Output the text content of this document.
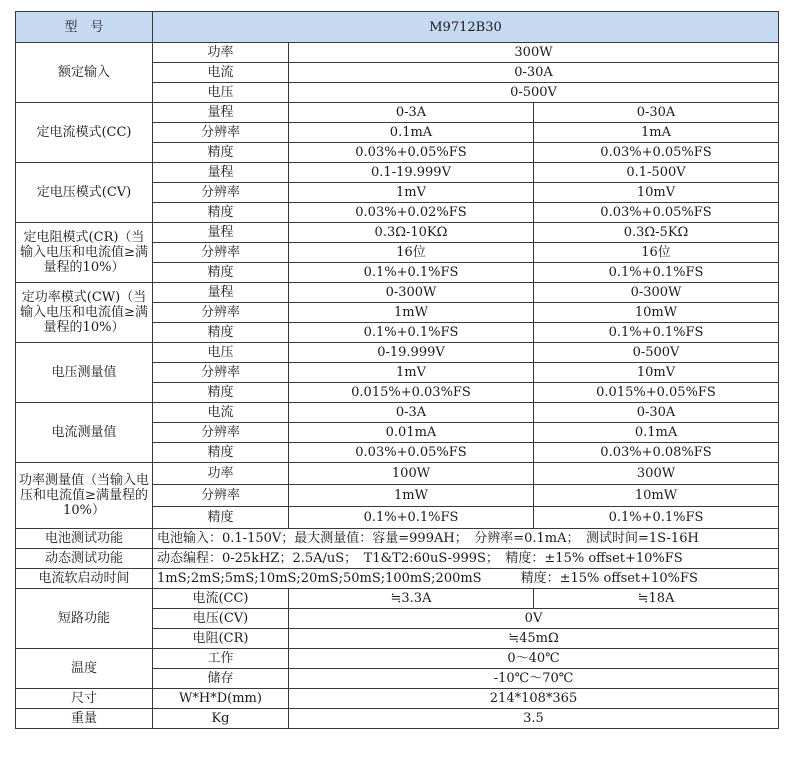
型　号	M9712B30		
额定输入	功率	300W	
	电流	0-30A	
	电压	0-500V	
定电流模式(CC)	量程	0-3A	0-30A
	分辨率	0.1mA	1mA
	精度	0.03%+0.05%FS	0.03%+0.05%FS
定电压模式(CV)	量程	0.1-19.999V	0.1-500V
	分辨率	1mV	10mV
	精度	0.03%+0.02%FS	0.03%+0.05%FS
定电阻模式(CR)（当输入电压和电流值≥满量程的10%）	量程	0.3Ω-10KΩ	0.3Ω-5KΩ
	分辨率	16位	16位
	精度	0.1%+0.1%FS	0.1%+0.1%FS
定功率模式(CW)（当输入电压和电流值≥满量程的10%）	量程	0-300W	0-300W
	分辨率	1mW	10mW
	精度	0.1%+0.1%FS	0.1%+0.1%FS
电压测量值	电压	0-19.999V	0-500V
	分辨率	1mV	10mV
	精度	0.015%+0.03%FS	0.015%+0.05%FS
电流测量值	电流	0-3A	0-30A
	分辨率	0.01mA	0.1mA
	精度	0.03%+0.05%FS	0.03%+0.08%FS
功率测量值（当输入电压和电流值≥满量程的10%）	功率	100W	300W
	分辨率	1mW	10mW
	精度	0.1%+0.1%FS	0.1%+0.1%FS
电池测试功能	电池输入：0.1-150V；最大测量值：容量=999AH；　分辨率=0.1mA；　测试时间=1S-16H		
动态测试功能	动态编程：0-25kHZ；2.5A/uS；　T1&T2:60uS-999S；　精度：±15% offset+10%FS		
电流软启动时间	1mS;2mS;5mS;10mS;20mS;50mS;100mS;200mS　　　精度：±15% offset+10%FS		
短路功能	电流(CC)	≒3.3A	≒18A
	电压(CV)	0V	
	电阻(CR)	≒45mΩ	
温度	工作	0～40℃	
	储存	-10℃～70℃	
尺寸	W*H*D(mm)	214*108*365	
重量	Kg	3.5	
